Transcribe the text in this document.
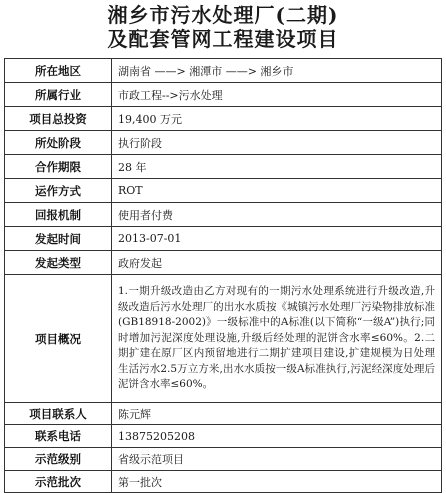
湘乡市污水处理厂(二期)
及配套管网工程建设项目
所在地区	湖南省 ——> 湘潭市 ——> 湘乡市
所属行业	市政工程-->污水处理
项目总投资	19,400 万元
所处阶段	执行阶段
合作期限	28 年
运作方式	ROT
回报机制	使用者付费
发起时间	2013-07-01
发起类型	政府发起
项目概况	1.一期升级改造由乙方对现有的一期污水处理系统进行升级改造,升级改造后污水处理厂的出水水质按《城镇污水处理厂污染物排放标准(GB18918-2002)》一级标准中的A标准(以下简称“一级A”)执行;同时增加污泥深度处理设施,升级后经处理的泥饼含水率≤60%。2.二期扩建在原厂区内预留地进行二期扩建项目建设,扩建规模为日处理生活污水2.5万立方米,出水水质按一级A标准执行,污泥经深度处理后泥饼含水率≤60%。
项目联系人	陈元辉
联系电话	13875205208
示范级别	省级示范项目
示范批次	第一批次
